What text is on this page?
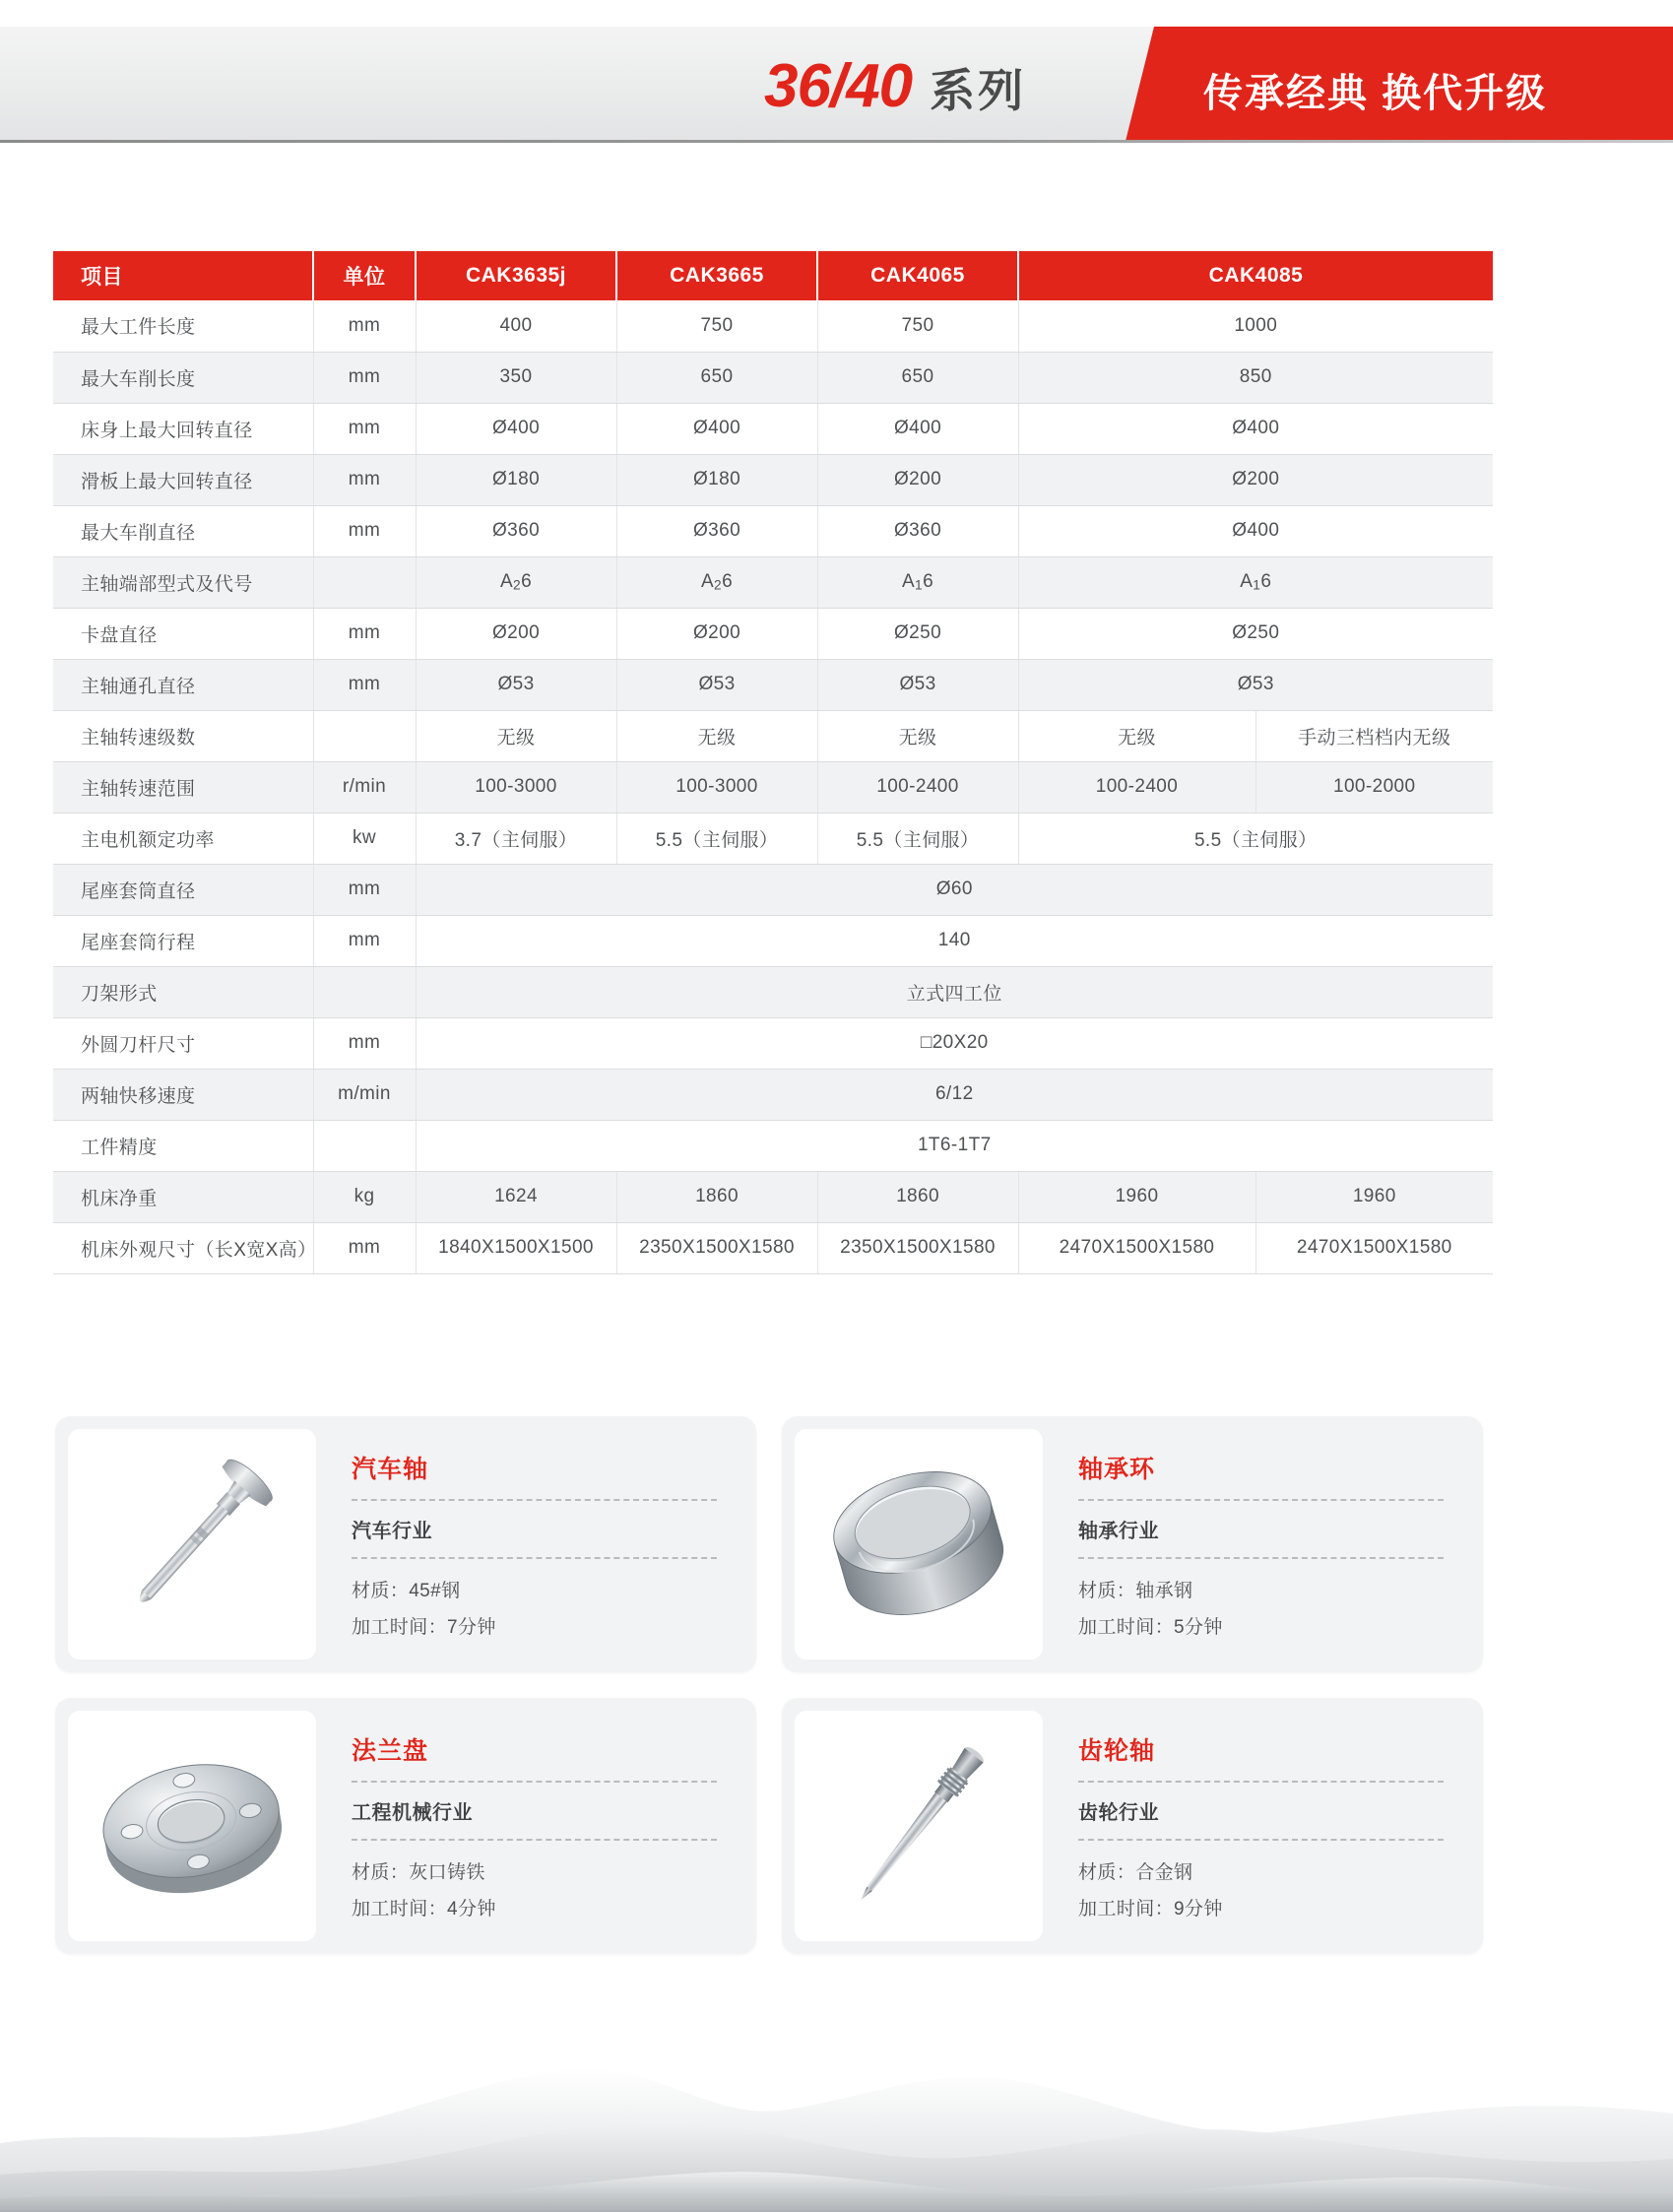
36/40 系列	传承经典 换代升级
项目	单位	CAK3635j	CAK3665	CAK4065	CAK4085	
最大工件长度	mm	400	750	750	1000	
最大车削长度	mm	350	650	650	850	
床身上最大回转直径	mm	Ø400	Ø400	Ø400	Ø400	
滑板上最大回转直径	mm	Ø180	Ø180	Ø200	Ø200	
最大车削直径	mm	Ø360	Ø360	Ø360	Ø400	
主轴端部型式及代号		$A_26$	$A_26$	$A_16$	$A_16$	
卡盘直径	mm	Ø200	Ø200	Ø250	Ø250	
主轴通孔直径	mm	Ø53	Ø53	Ø53	Ø53	
主轴转速级数		无级	无级	无级	无级	手动三档档内无级
主轴转速范围	r/min	100-3000	100-3000	100-2400	100-2400	100-2000
主电机额定功率	kw	3.7（主伺服）	5.5（主伺服）	5.5（主伺服）	5.5（主伺服）	
尾座套筒直径	mm	Ø60				
尾座套筒行程	mm	140				
刀架形式		立式四工位				
外圆刀杆尺寸	mm	□20X20				
两轴快移速度	m/min	6/12				
工件精度		1T6-1T7				
机床净重	kg	1624	1860	1860	1960	1960
机床外观尺寸（长X宽X高）	mm	1840X1500X1500	2350X1500X1580	2350X1500X1580	2470X1500X1580	2470X1500X1580
汽车轴
汽车行业
材质：45#钢
加工时间：7分钟
轴承环
轴承行业
材质：轴承钢
加工时间：5分钟
法兰盘
工程机械行业
材质：灰口铸铁
加工时间：4分钟
齿轮轴
齿轮行业
材质：合金钢
加工时间：9分钟
